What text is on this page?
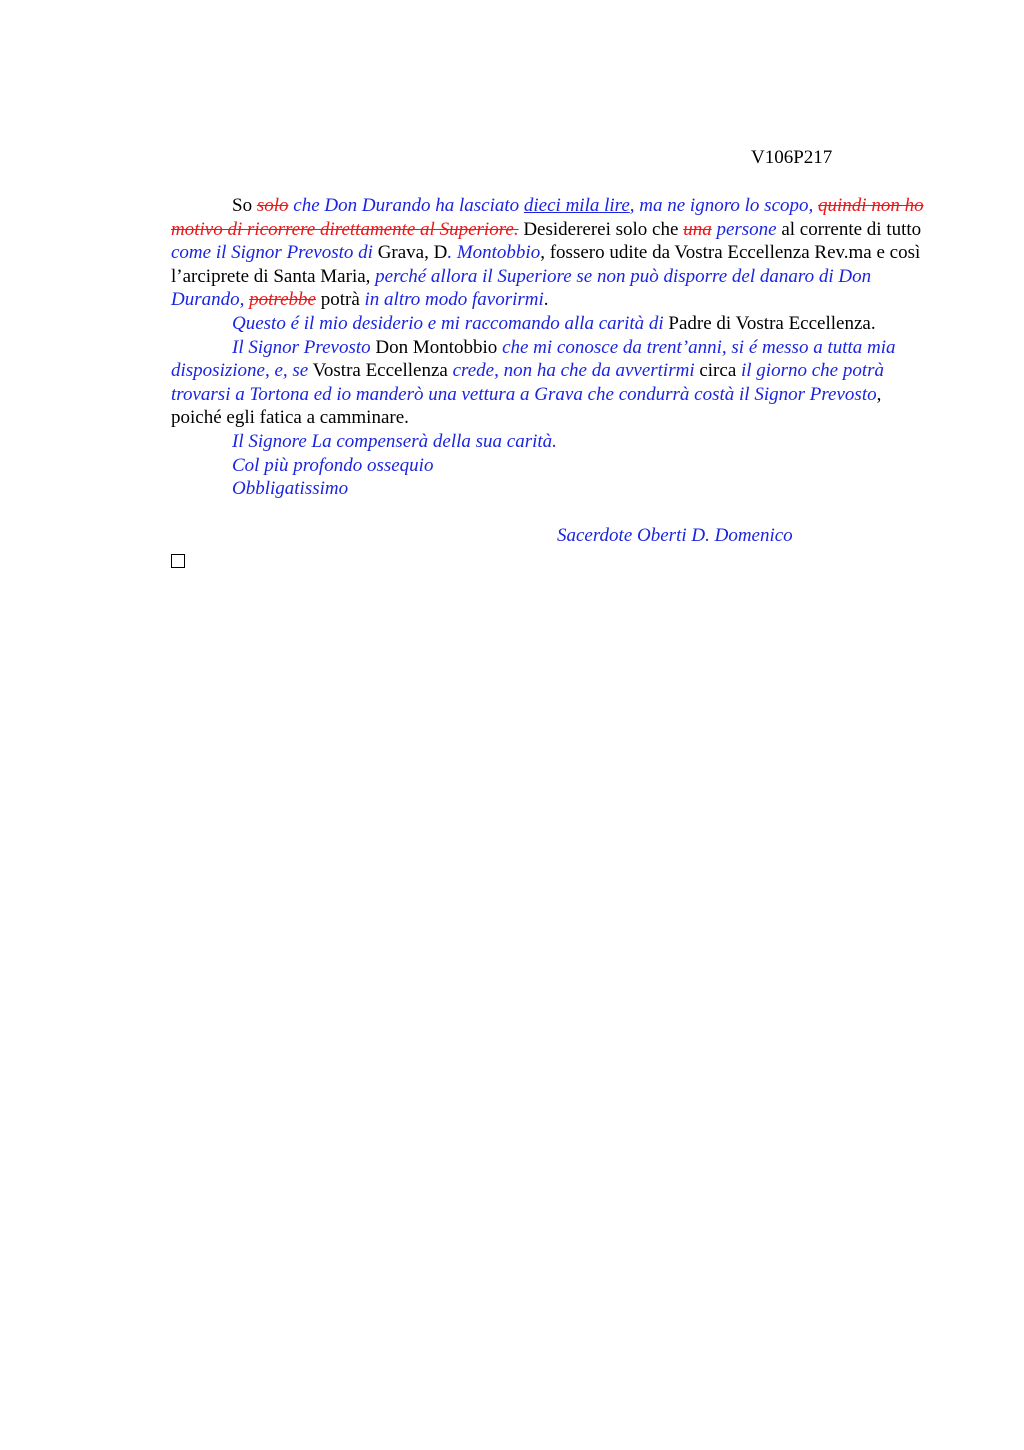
V106P217

So solo che Don Durando ha lasciato dieci mila lire, ma ne ignoro lo scopo, quindi non ho motivo di ricorrere direttamente al Superiore. Desidererei solo che una persone al corrente di tutto come il Signor Prevosto di Grava, D. Montobbio, fossero udite da Vostra Eccellenza Rev.ma e così l’arciprete di Santa Maria, perché allora il Superiore se non può disporre del danaro di Don Durando, potrebbe potrà in altro modo favorirmi.

Questo é il mio desiderio e mi raccomando alla carità di Padre di Vostra Eccellenza.

Il Signor Prevosto Don Montobbio che mi conosce da trent’anni, si é messo a tutta mia disposizione, e, se Vostra Eccellenza crede, non ha che da avvertirmi circa il giorno che potrà trovarsi a Tortona ed io manderò una vettura a Grava che condurrà costà il Signor Prevosto, poiché egli fatica a camminare.

Il Signore La compenserà della sua carità.

Col più profondo ossequio

Obbligatissimo

Sacerdote Oberti D. Domenico
